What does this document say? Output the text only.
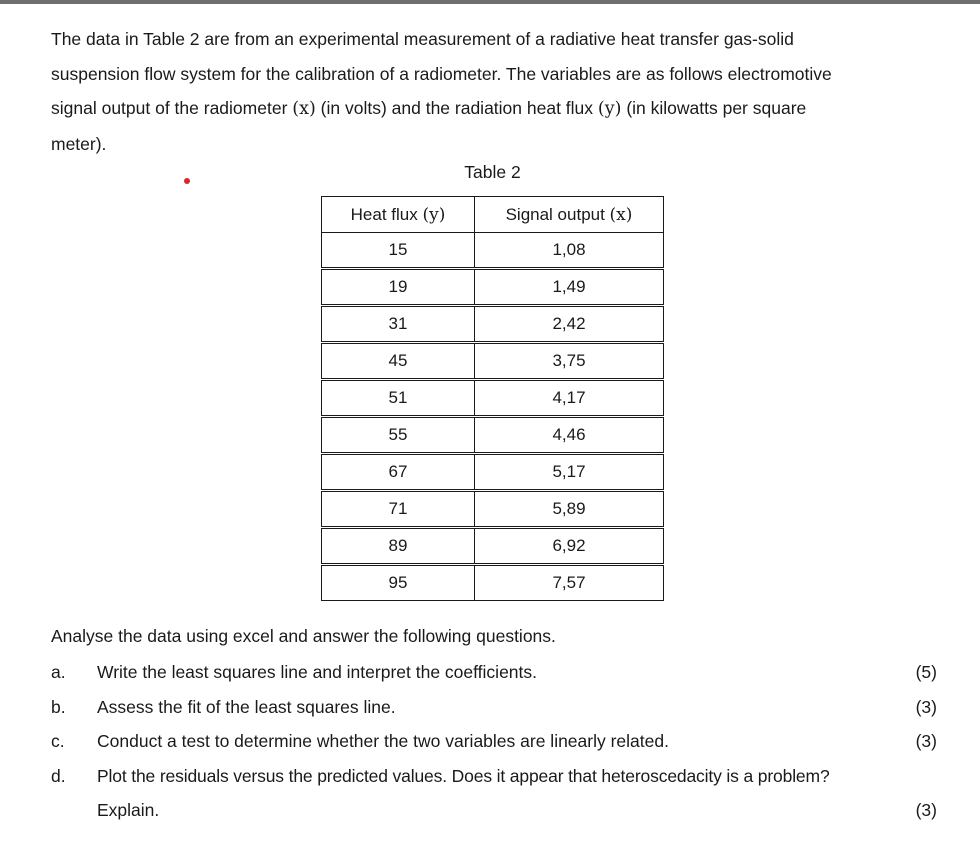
The data in Table 2 are from an experimental measurement of a radiative heat transfer gas-solid
suspension flow system for the calibration of a radiometer. The variables are as follows electromotive
signal output of the radiometer (x) (in volts) and the radiation heat flux (y) (in kilowatts per square
meter).
Table 2
Heat flux (y)	Signal output (x)
15	1,08
19	1,49
31	2,42
45	3,75
51	4,17
55	4,46
67	5,17
71	5,89
89	6,92
95	7,57
Analyse the data using excel and answer the following questions.
a. Write the least squares line and interpret the coefficients.	(5)
b. Assess the fit of the least squares line.	(3)
c. Conduct a test to determine whether the two variables are linearly related.	(3)
d. Plot the residuals versus the predicted values. Does it appear that heteroscedacity is a problem?
Explain.	(3)
